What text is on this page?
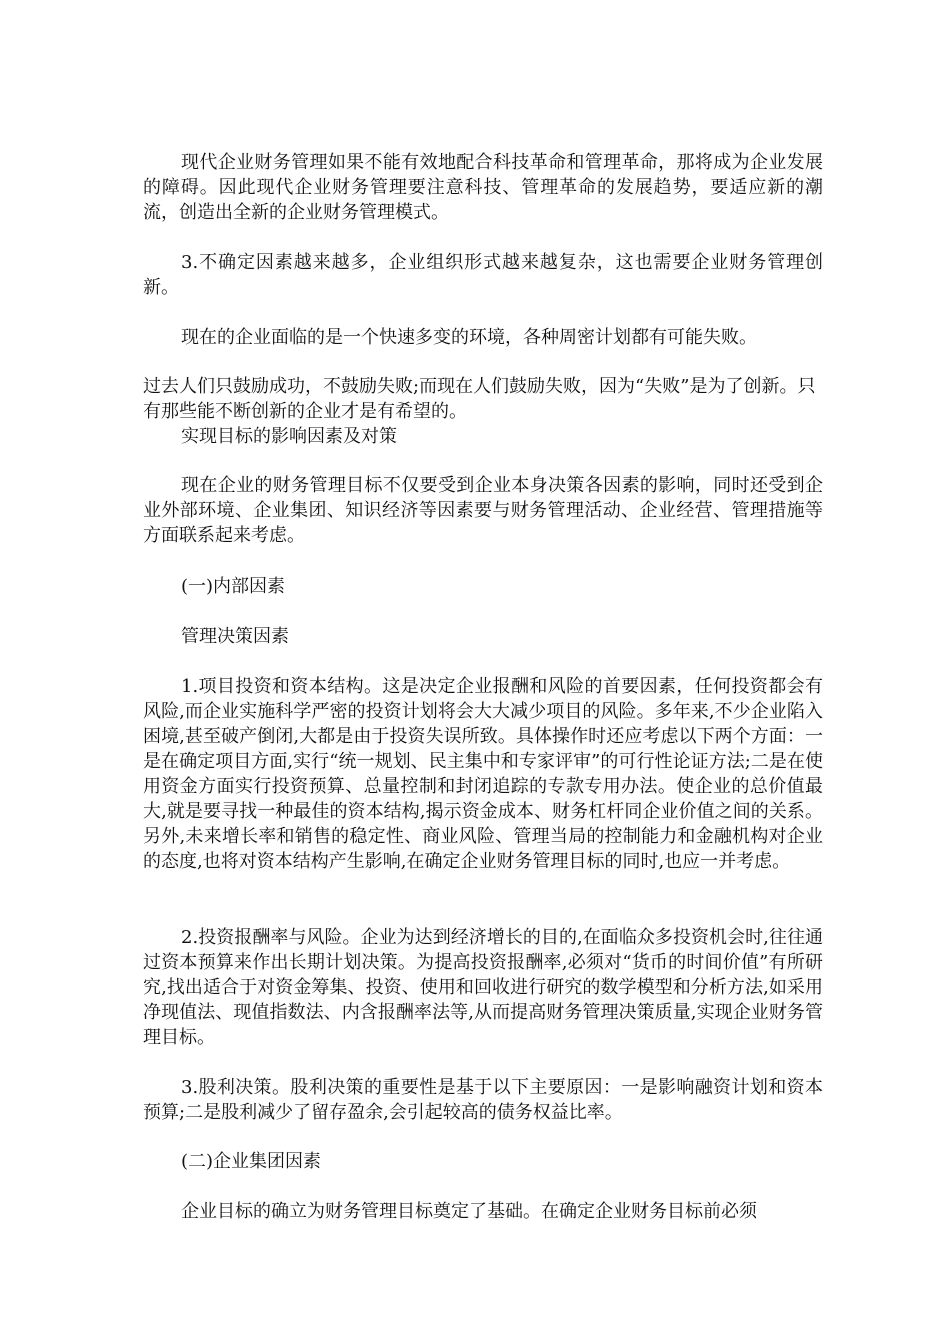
现代企业财务管理如果不能有效地配合科技革命和管理革命，那将成为企业发展的障碍。因此现代企业财务管理要注意科技、管理革命的发展趋势，要适应新的潮流，创造出全新的企业财务管理模式。

3.不确定因素越来越多，企业组织形式越来越复杂，这也需要企业财务管理创新。

现在的企业面临的是一个快速多变的环境，各种周密计划都有可能失败。

过去人们只鼓励成功，不鼓励失败;而现在人们鼓励失败，因为“失败”是为了创新。只有那些能不断创新的企业才是有希望的。

实现目标的影响因素及对策

现在企业的财务管理目标不仅要受到企业本身决策各因素的影响，同时还受到企业外部环境、企业集团、知识经济等因素要与财务管理活动、企业经营、管理措施等方面联系起来考虑。

(一)内部因素

管理决策因素

1.项目投资和资本结构。这是决定企业报酬和风险的首要因素，任何投资都会有风险,而企业实施科学严密的投资计划将会大大减少项目的风险。多年来,不少企业陷入困境,甚至破产倒闭,大都是由于投资失误所致。具体操作时还应考虑以下两个方面：一是在确定项目方面,实行“统一规划、民主集中和专家评审”的可行性论证方法;二是在使用资金方面实行投资预算、总量控制和封闭追踪的专款专用办法。使企业的总价值最大,就是要寻找一种最佳的资本结构,揭示资金成本、财务杠杆同企业价值之间的关系。另外,未来增长率和销售的稳定性、商业风险、管理当局的控制能力和金融机构对企业的态度,也将对资本结构产生影响,在确定企业财务管理目标的同时,也应一并考虑。

2.投资报酬率与风险。企业为达到经济增长的目的,在面临众多投资机会时,往往通过资本预算来作出长期计划决策。为提高投资报酬率,必须对“货币的时间价值”有所研究,找出适合于对资金筹集、投资、使用和回收进行研究的数学模型和分析方法,如采用净现值法、现值指数法、内含报酬率法等,从而提高财务管理决策质量,实现企业财务管理目标。

3.股利决策。股利决策的重要性是基于以下主要原因：一是影响融资计划和资本预算;二是股利减少了留存盈余,会引起较高的债务权益比率。

(二)企业集团因素

企业目标的确立为财务管理目标奠定了基础。在确定企业财务目标前必须
